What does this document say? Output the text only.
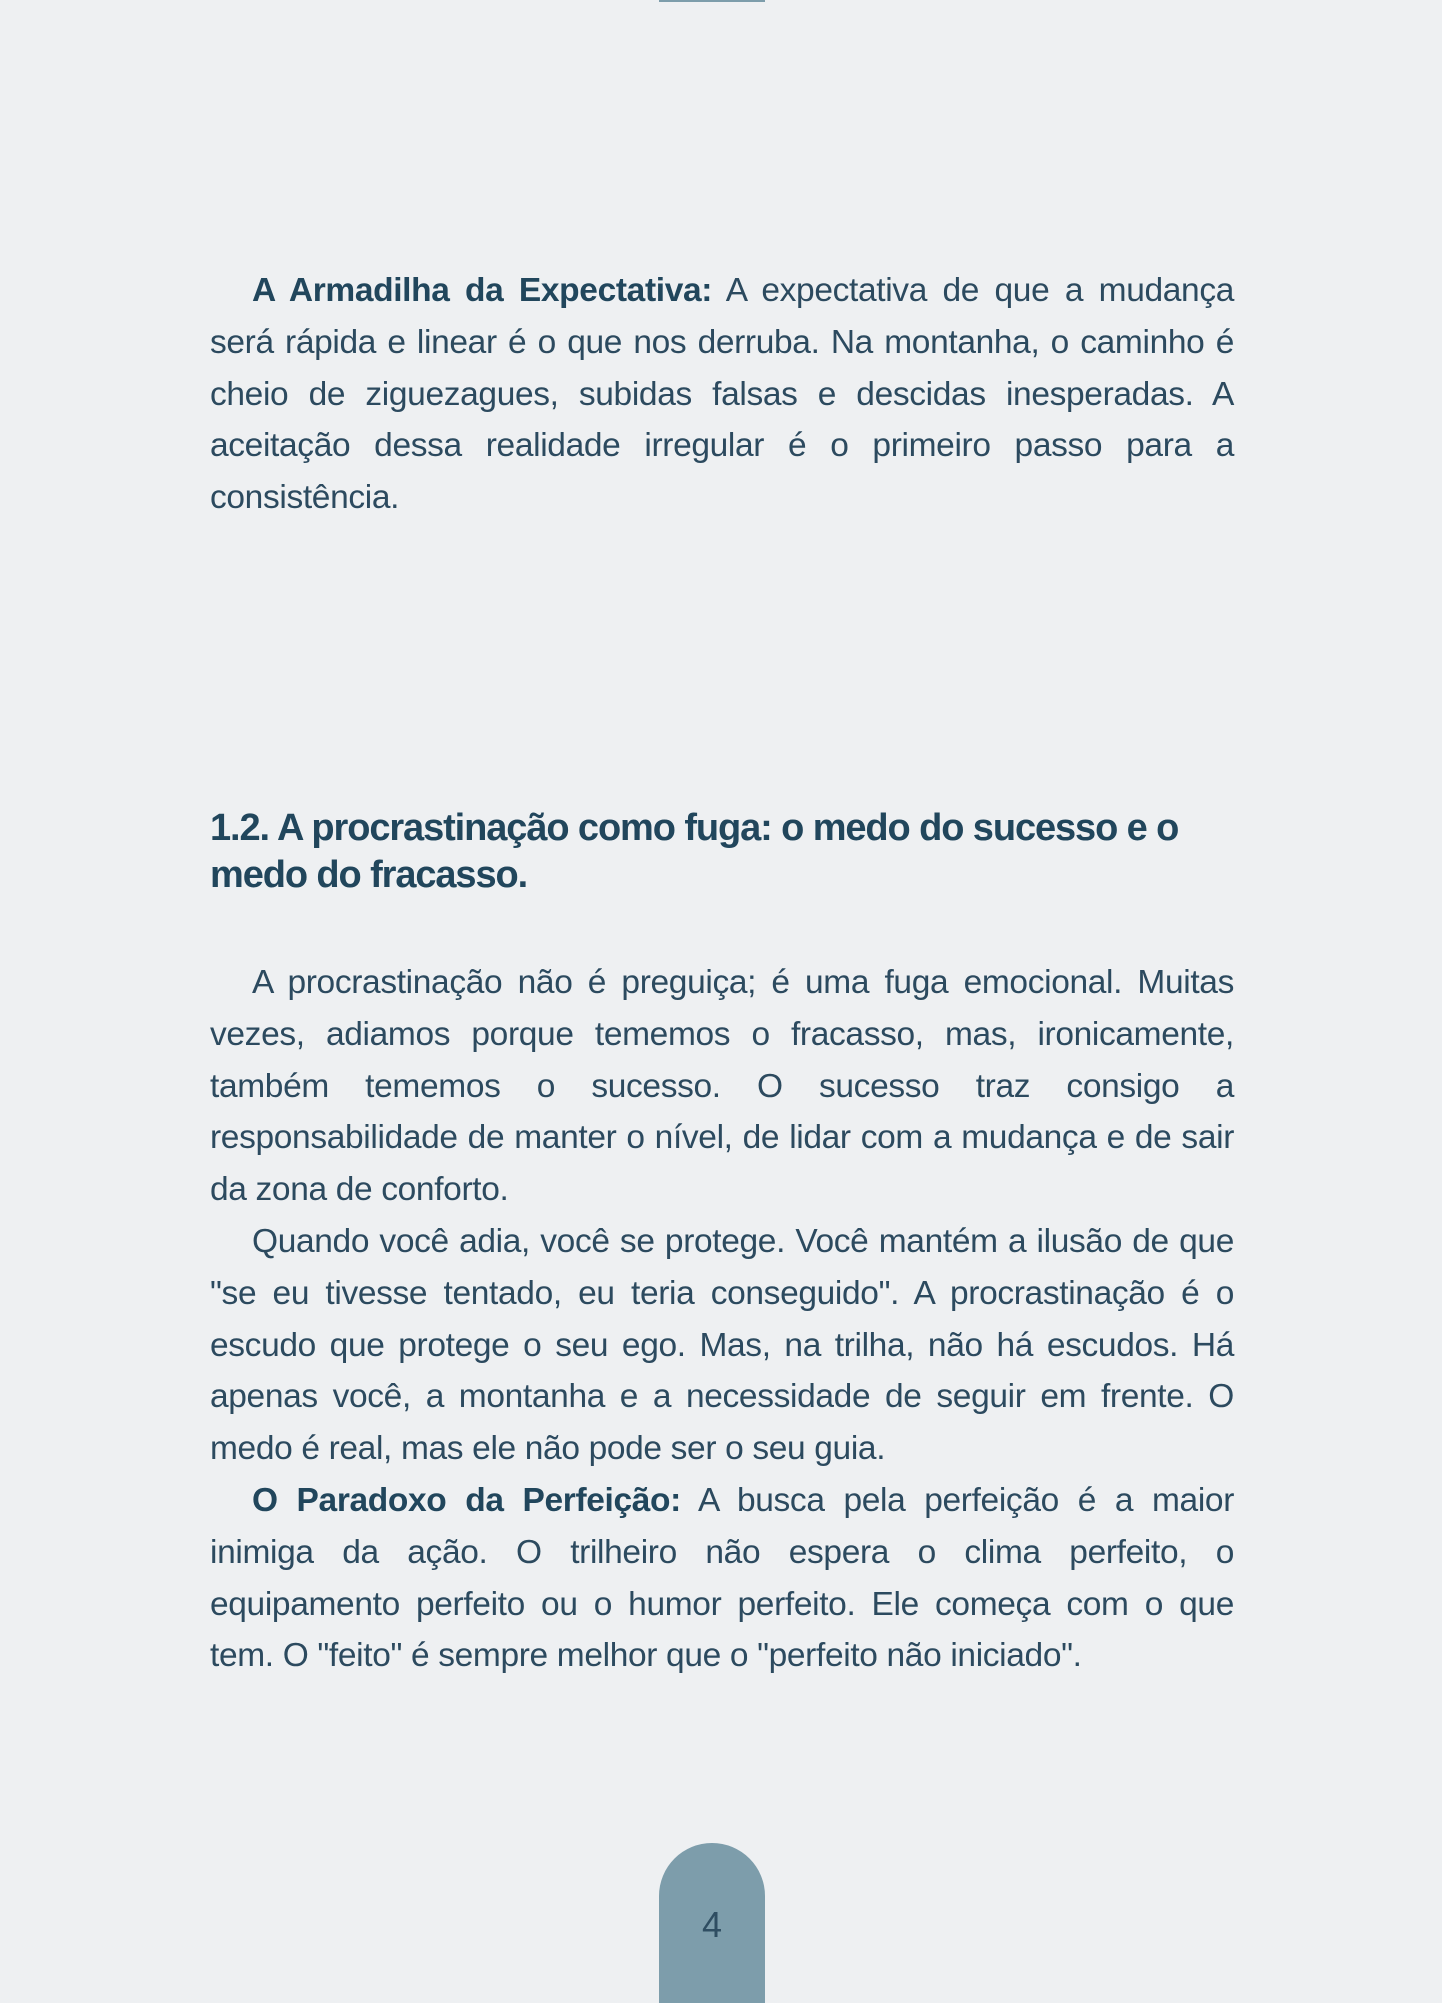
A Armadilha da Expectativa: A expectativa de que a mudança será rápida e linear é o que nos derruba. Na montanha, o caminho é cheio de ziguezagues, subidas falsas e descidas inesperadas. A aceitação dessa realidade irregular é o primeiro passo para a consistência.

1.2. A procrastinação como fuga: o medo do sucesso e o medo do fracasso.

A procrastinação não é preguiça; é uma fuga emocional. Muitas vezes, adiamos porque tememos o fracasso, mas, ironicamente, também tememos o sucesso. O sucesso traz consigo a responsabilidade de manter o nível, de lidar com a mudança e de sair da zona de conforto.

Quando você adia, você se protege. Você mantém a ilusão de que "se eu tivesse tentado, eu teria conseguido". A procrastinação é o escudo que protege o seu ego. Mas, na trilha, não há escudos. Há apenas você, a montanha e a necessidade de seguir em frente. O medo é real, mas ele não pode ser o seu guia.

O Paradoxo da Perfeição: A busca pela perfeição é a maior inimiga da ação. O trilheiro não espera o clima perfeito, o equipamento perfeito ou o humor perfeito. Ele começa com o que tem. O "feito" é sempre melhor que o "perfeito não iniciado".

4
